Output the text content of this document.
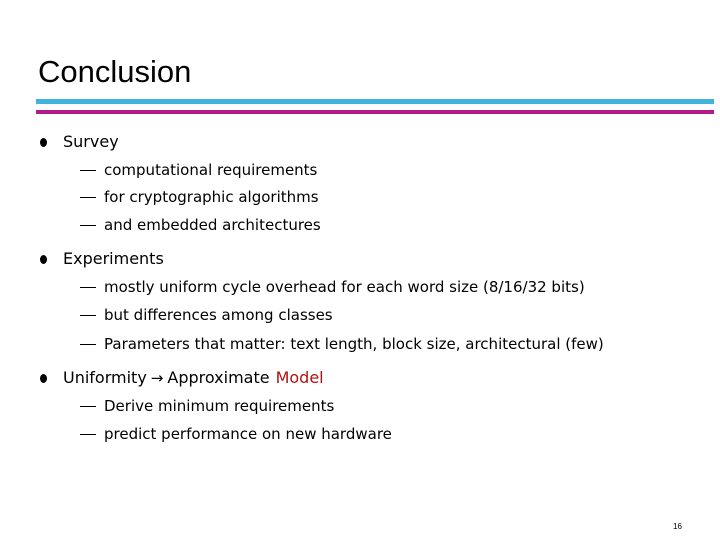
Conclusion
Survey
computational requirements
for cryptographic algorithms
and embedded architectures
Experiments
mostly uniform cycle overhead for each word size (8/16/32 bits)
but differences among classes
Parameters that matter: text length, block size, architectural (few)
Uniformity → Approximate Model
Derive minimum requirements
predict performance on new hardware
16
